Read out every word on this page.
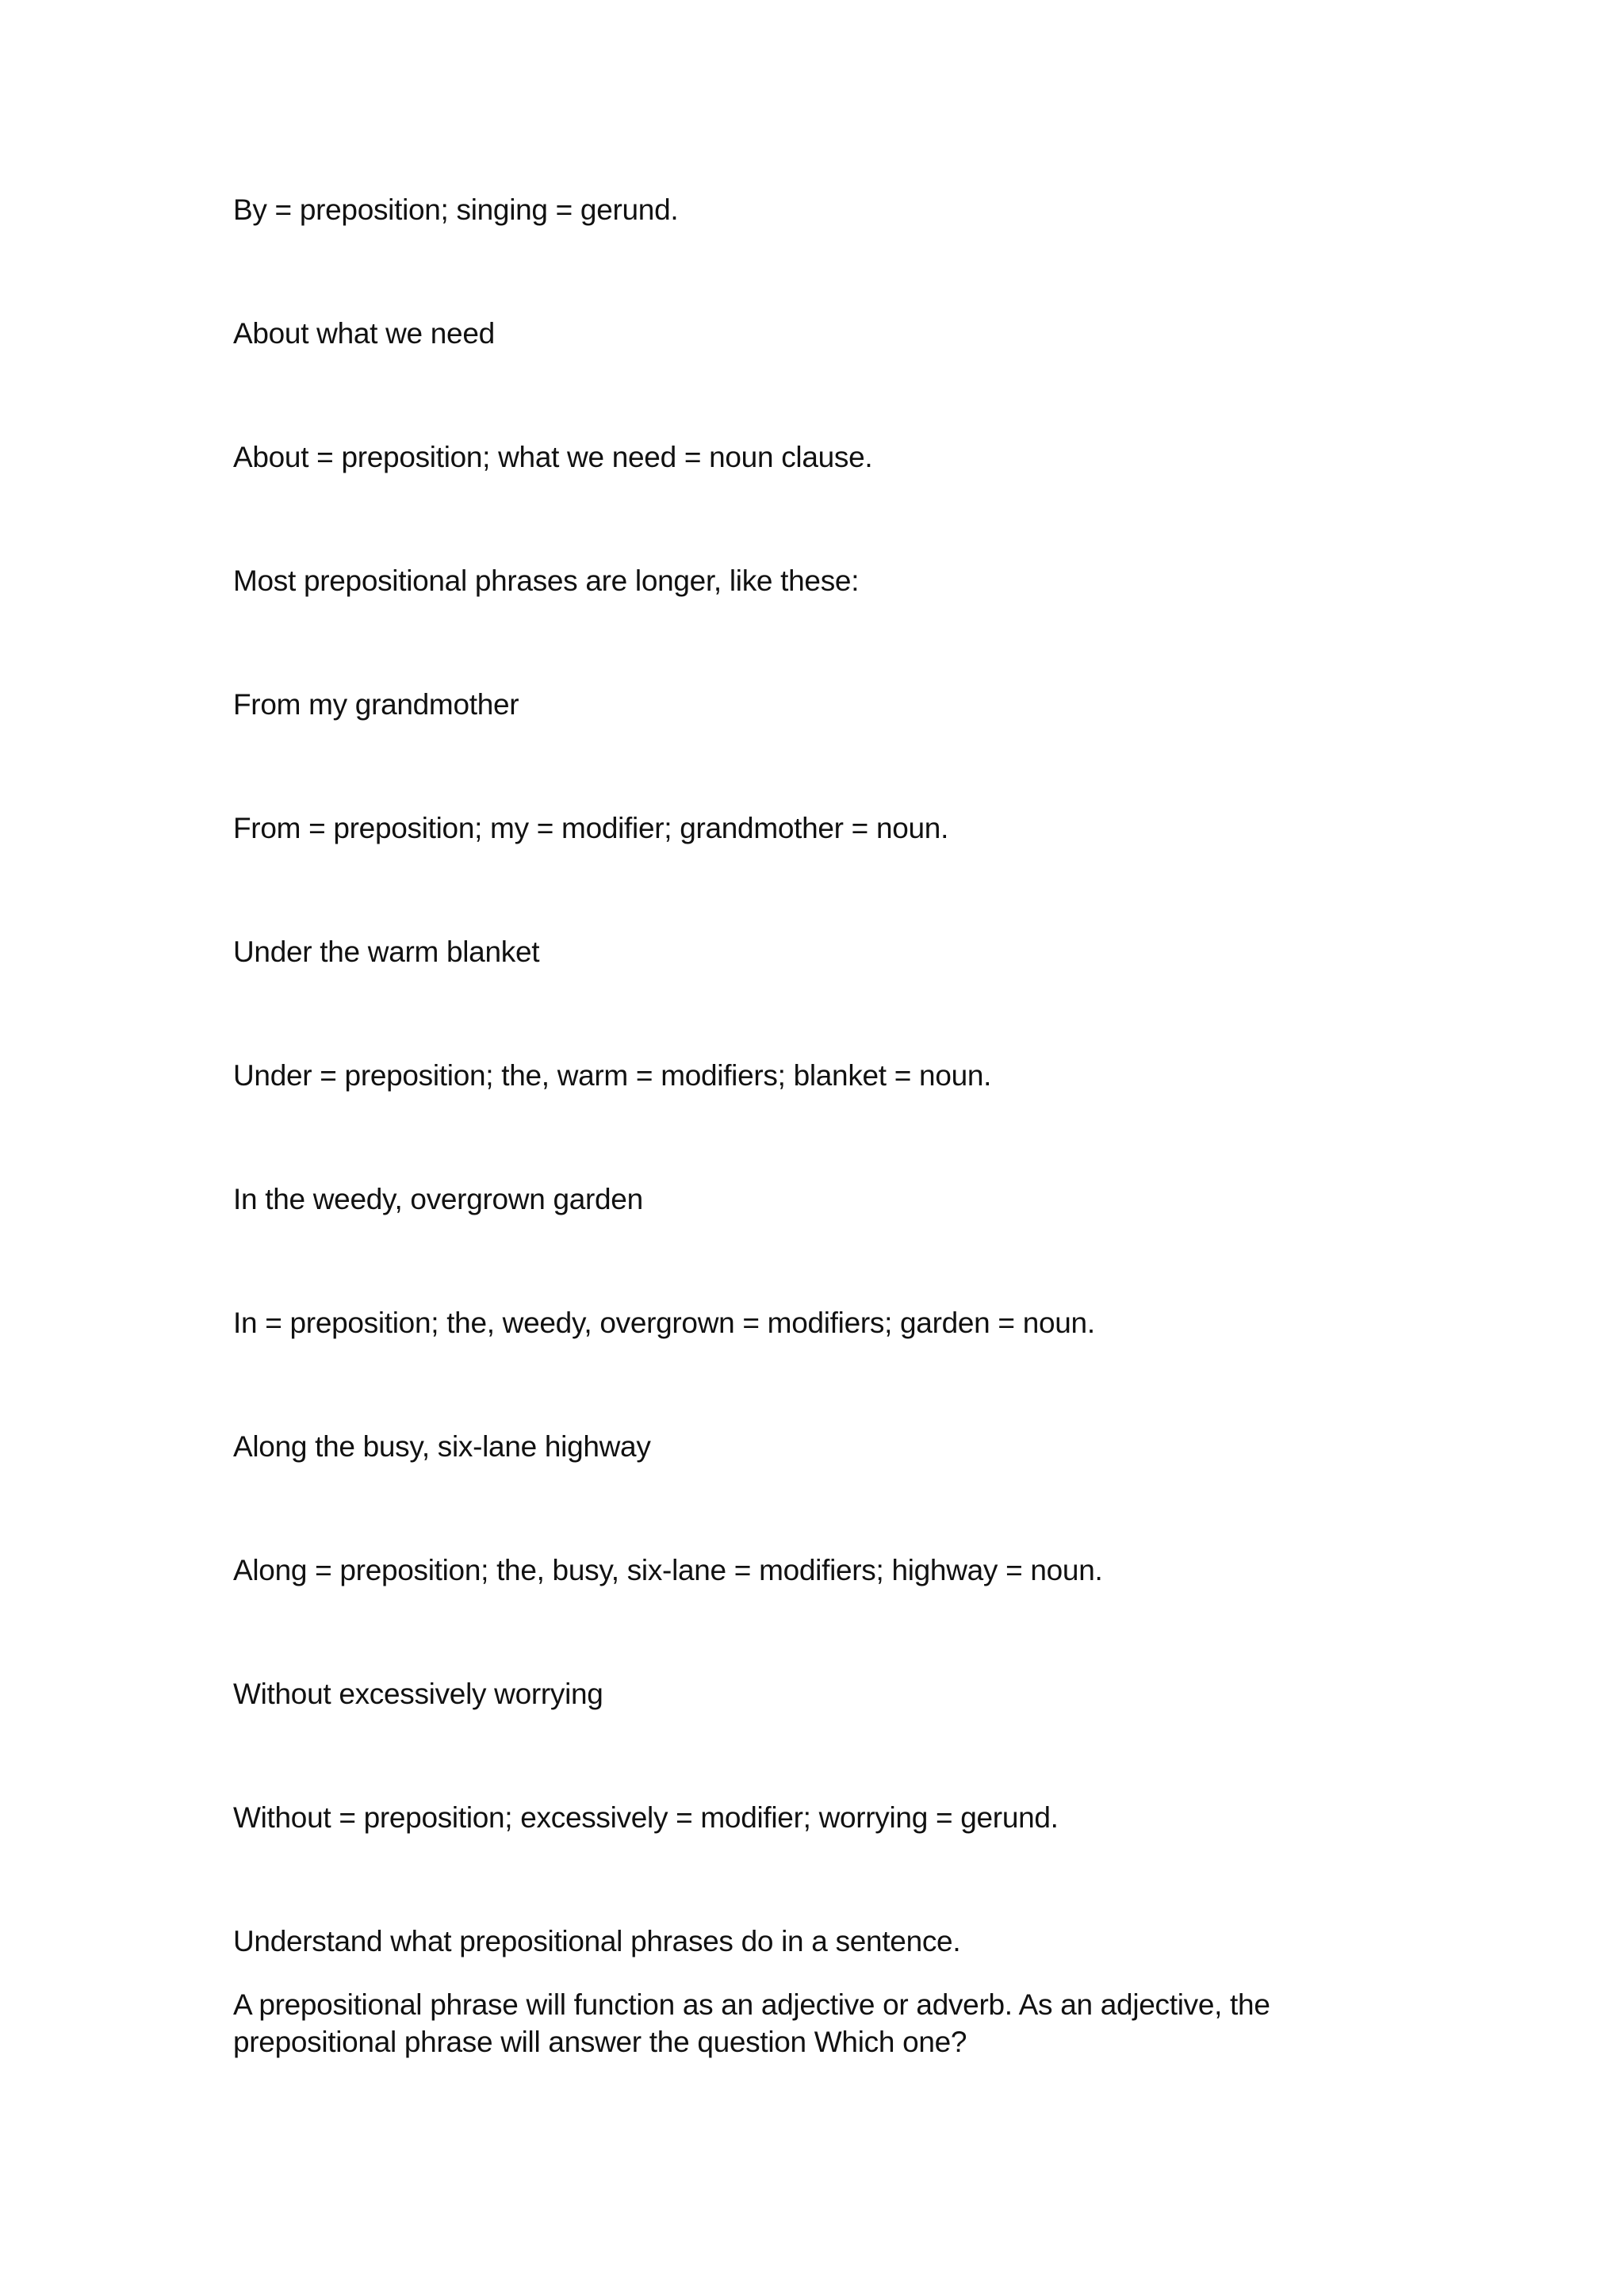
By = preposition; singing = gerund.

About what we need

About = preposition; what we need = noun clause.

Most prepositional phrases are longer, like these:

From my grandmother

From = preposition; my = modifier; grandmother = noun.

Under the warm blanket

Under = preposition; the, warm = modifiers; blanket = noun.

In the weedy, overgrown garden

In = preposition; the, weedy, overgrown = modifiers; garden = noun.

Along the busy, six-lane highway

Along = preposition; the, busy, six-lane = modifiers; highway = noun.

Without excessively worrying

Without = preposition; excessively = modifier; worrying = gerund.

Understand what prepositional phrases do in a sentence.

A prepositional phrase will function as an adjective or adverb. As an adjective, the prepositional phrase will answer the question Which one?
